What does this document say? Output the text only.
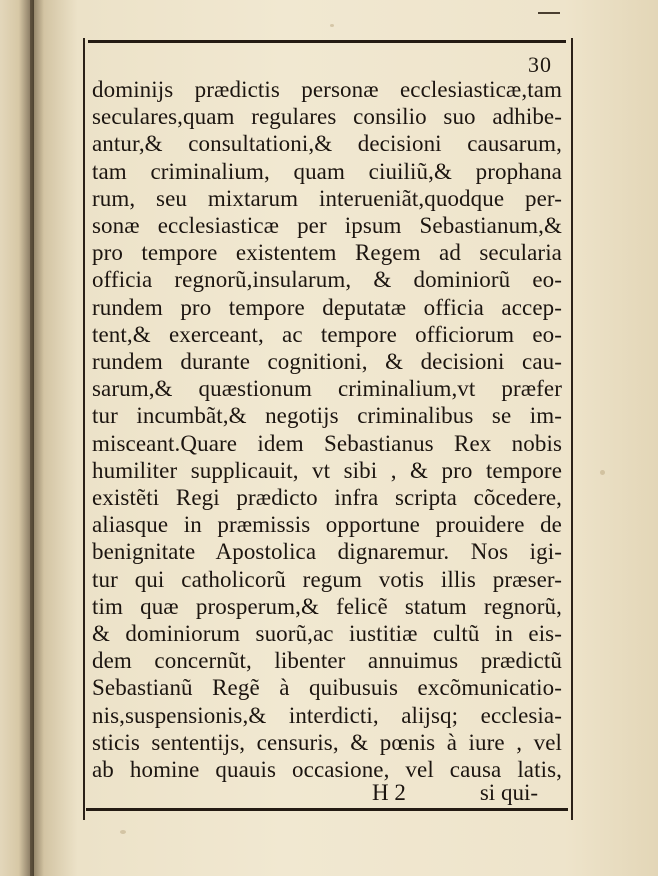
30
dominijs prædictis personæ ecclesiasticæ,tam
seculares,quam regulares consilio suo adhibe-
antur,& consultationi,& decisioni causarum,
tam criminalium, quam ciuiliũ,& prophana
rum, seu mixtarum interueniãt,quodque per-
sonæ ecclesiasticæ per ipsum Sebastianum,&
pro tempore existentem Regem ad secularia
officia regnorũ,insularum, & dominiorũ eo-
rundem pro tempore deputatæ officia accep-
tent,& exerceant, ac tempore officiorum eo-
rundem durante cognitioni, & decisioni cau-
sarum,& quæstionum criminalium,vt præfer
tur incumbãt,& negotijs criminalibus se im-
misceant.Quare idem Sebastianus Rex nobis
humiliter supplicauit, vt sibi , & pro tempore
existẽti Regi prædicto infra scripta cõcedere,
aliasque in præmissis opportune prouidere de
benignitate Apostolica dignaremur. Nos igi-
tur qui catholicorũ regum votis illis præser-
tim quæ prosperum,& felicẽ statum regnorũ,
& dominiorum suorũ,ac iustitiæ cultũ in eis-
dem concernũt, libenter annuimus prædictũ
Sebastianũ Regẽ à quibusuis excõmunicatio-
nis,suspensionis,& interdicti, alijsq; ecclesia-
sticis sententijs, censuris, & pœnis à iure , vel
ab homine quauis occasione, vel causa latis,
H 2	si qui-
